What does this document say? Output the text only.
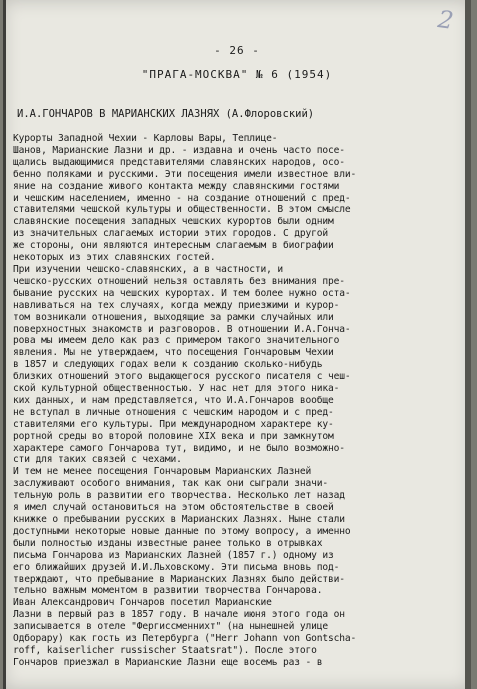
2
- 26 -
"ПРАГА-МОСКВА" № 6 (1954)
И.А.ГОНЧАРОВ В МАРИАНСКИХ ЛАЗНЯХ (А.Флоровский)
Курорты Западной Чехии - Карловы Вары, Теплице-
Шанов, Марианские Лазни и др. - издавна и очень часто посе-
щались выдающимися представителями славянских народов, осо-
бенно поляками и русскими. Эти посещения имели известное вли-
яние на создание живого контакта между славянскими гостями
и чешским населением, именно - на создание отношений с пред-
ставителями чешской культуры и общественности. В этом смысле
славянские посещения западных чешских курортов были одним
из значительных слагаемых истории этих городов. С другой
же стороны, они являются интересным слагаемым в биографии
некоторых из этих славянских гостей.
При изучении чешско-славянских, а в частности, и
чешско-русских отношений нельзя оставлять без внимания пре-
бывание русских на чешских курортах. И тем более нужно оста-
навливаться на тех случаях, когда между приезжими и курор-
том возникали отношения, выходящие за рамки случайных или
поверхностных знакомств и разговоров. В отношении И.А.Гонча-
рова мы имеем дело как раз с примером такого значительного
явления. Мы не утверждаем, что посещения Гончаровым Чехии
в 1857 и следующих годах вели к созданию сколько-нибудь
близких отношений этого выдающегося русского писателя с чеш-
ской культурной общественностью. У нас нет для этого ника-
ких данных, и нам представляется, что И.А.Гончаров вообще
не вступал в личные отношения с чешским народом и с пред-
ставителями его культуры. При международном характере ку-
рортной среды во второй половине XIX века и при замкнутом
характере самого Гончарова тут, видимо, и не было возможно-
сти для таких связей с чехами.
И тем не менее посещения Гончаровым Марианских Лазней
заслуживают особого внимания, так как они сыграли значи-
тельную роль в развитии его творчества. Несколько лет назад
я имел случай остановиться на этом обстоятельстве в своей
книжке о пребывании русских в Марианских Лазнях. Ныне стали
доступными некоторые новые данные по этому вопросу, а именно
были полностью изданы известные ранее только в отрывках
письма Гончарова из Марианских Лазней (1857 г.) одному из
его ближайших друзей И.И.Льховскому. Эти письма вновь под-
тверждают, что пребывание в Марианских Лазнях было действи-
тельно важным моментом в развитии творчества Гончарова.
Иван Александрович Гончаров посетил Марианские
Лазни в первый раз в 1857 году. В начале июня этого года он
записывается в отеле "Фергиссменнихт" (на нынешней улице
Одборару) как гость из Петербурга ("Herr Johann von Gontscha-
roff, kaiserlicher russischer Staatsrat"). После этого
Гончаров приезжал в Марианские Лазни еще восемь раз - в
